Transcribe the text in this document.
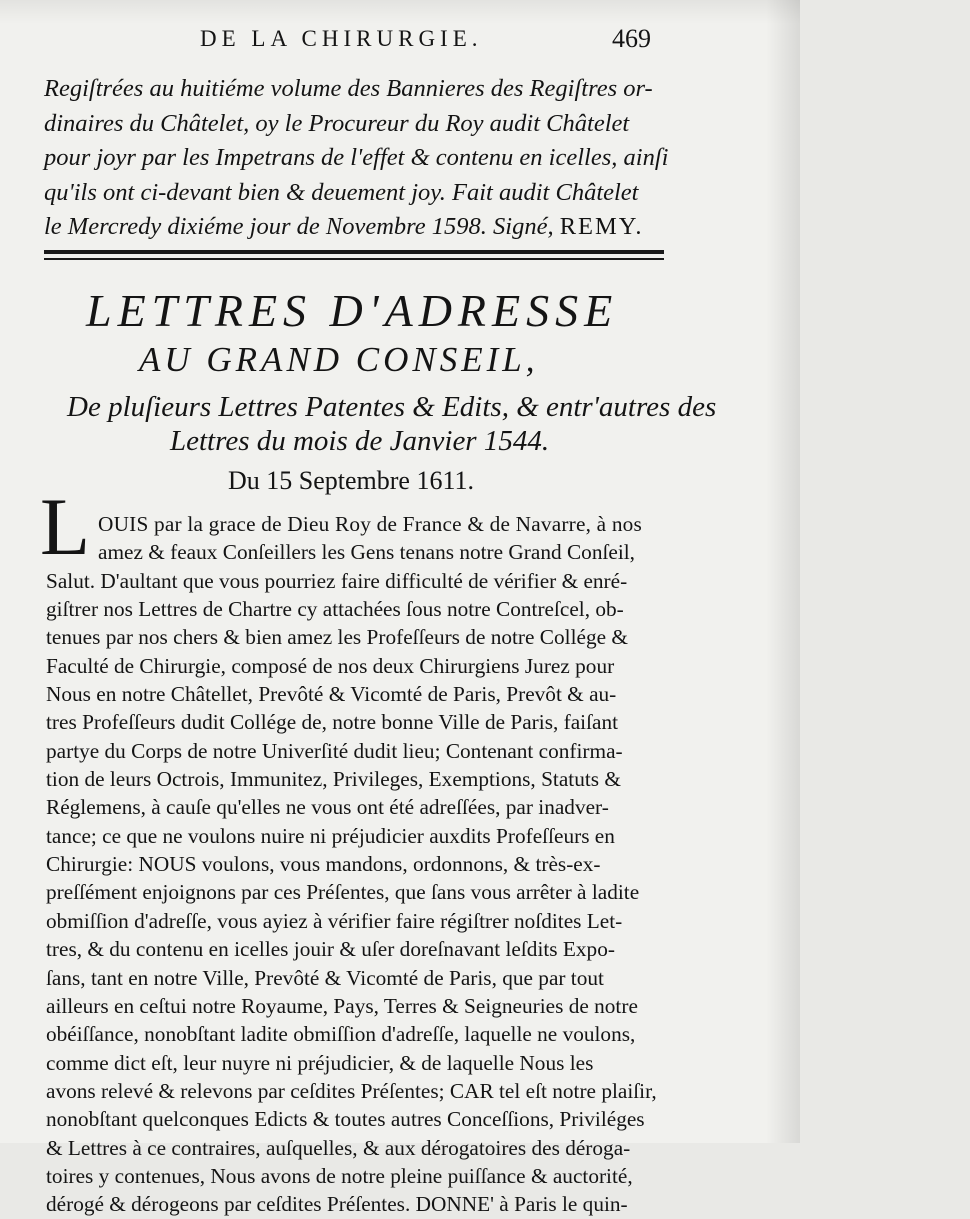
DE LA CHIRURGIE.	469
Regiſtrées au huitiéme volume des Bannieres des Regiſtres or-
dinaires du Châtelet, oy le Procureur du Roy audit Châtelet
pour joyr par les Impetrans de l'effet & contenu en icelles, ainſi
qu'ils ont ci-devant bien & deuement joy. Fait audit Châtelet
le Mercredy dixiéme jour de Novembre 1598. Signé, REMY.
LETTRES D'ADRESSE
AU GRAND CONSEIL,
De pluſieurs Lettres Patentes & Edits, & entr'autres des
Lettres du mois de Janvier 1544.
Du 15 Septembre 1611.
L OUIS par la grace de Dieu Roy de France & de Navarre, à nos
amez & feaux Conſeillers les Gens tenans notre Grand Conſeil,
Salut. D'aultant que vous pourriez faire difficulté de vérifier & enré-
giſtrer nos Lettres de Chartre cy attachées ſous notre Contreſcel, ob-
tenues par nos chers & bien amez les Profeſſeurs de notre Collége &
Faculté de Chirurgie, composé de nos deux Chirurgiens Jurez pour
Nous en notre Châtellet, Prevôté & Vicomté de Paris, Prevôt & au-
tres Profeſſeurs dudit Collége de, notre bonne Ville de Paris, faiſant
partye du Corps de notre Univerſité dudit lieu; Contenant confirma-
tion de leurs Octrois, Immunitez, Privileges, Exemptions, Statuts &
Réglemens, à cauſe qu'elles ne vous ont été adreſſées, par inadver-
tance; ce que ne voulons nuire ni préjudicier auxdits Profeſſeurs en
Chirurgie: NOUS voulons, vous mandons, ordonnons, & très-ex-
preſſément enjoignons par ces Préſentes, que ſans vous arrêter à ladite
obmiſſion d'adreſſe, vous ayiez à vérifier faire régiſtrer noſdites Let-
tres, & du contenu en icelles jouir & uſer doreſnavant leſdits Expo-
ſans, tant en notre Ville, Prevôté & Vicomté de Paris, que par tout
ailleurs en ceſtui notre Royaume, Pays, Terres & Seigneuries de notre
obéiſſance, nonobſtant ladite obmiſſion d'adreſſe, laquelle ne voulons,
comme dict eſt, leur nuyre ni préjudicier, & de laquelle Nous les
avons relevé & relevons par ceſdites Préſentes; CAR tel eſt notre plaiſir,
nonobſtant quelconques Edicts & toutes autres Conceſſions, Priviléges
& Lettres à ce contraires, auſquelles, & aux dérogatoires des déroga-
toires y contenues, Nous avons de notre pleine puiſſance & auctorité,
dérogé & dérogeons par ceſdites Préſentes. DONNE' à Paris le quin-
